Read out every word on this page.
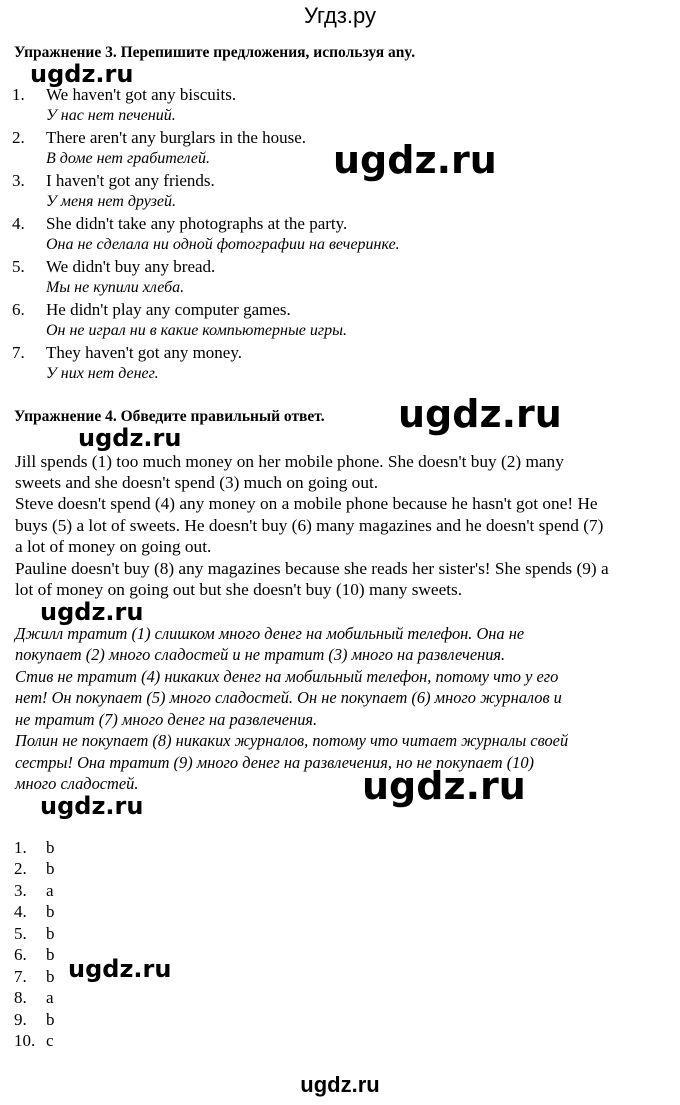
Угдз.ру
Упражнение 3. Перепишите предложения, используя any.
1. We haven't got any biscuits.
У нас нет печений.
2. There aren't any burglars in the house.
В доме нет грабителей.
3. I haven't got any friends.
У меня нет друзей.
4. She didn't take any photographs at the party.
Она не сделала ни одной фотографии на вечеринке.
5. We didn't buy any bread.
Мы не купили хлеба.
6. He didn't play any computer games.
Он не играл ни в какие компьютерные игры.
7. They haven't got any money.
У них нет денег.
Упражнение 4. Обведите правильный ответ.
Jill spends (1) too much money on her mobile phone. She doesn't buy (2) many
sweets and she doesn't spend (3) much on going out.
Steve doesn't spend (4) any money on a mobile phone because he hasn't got one! He
buys (5) a lot of sweets. He doesn't buy (6) many magazines and he doesn't spend (7)
a lot of money on going out.
Pauline doesn't buy (8) any magazines because she reads her sister's! She spends (9) a
lot of money on going out but she doesn't buy (10) many sweets.
Джилл тратит (1) слишком много денег на мобильный телефон. Она не
покупает (2) много сладостей и не тратит (3) много на развлечения.
Стив не тратит (4) никаких денег на мобильный телефон, потому что у его
нет! Он покупает (5) много сладостей. Он не покупает (6) много журналов и
не тратит (7) много денег на развлечения.
Полин не покупает (8) никаких журналов, потому что читает журналы своей
сестры! Она тратит (9) много денег на развлечения, но не покупает (10)
много сладостей.
1. b
2. b
3. a
4. b
5. b
6. b
7. b
8. a
9. b
10. c
ugdz.ru
ugdz.ru
ugdz.ru
ugdz.ru
ugdz.ru
ugdz.ru
ugdz.ru
ugdz.ru
ugdz.ru
